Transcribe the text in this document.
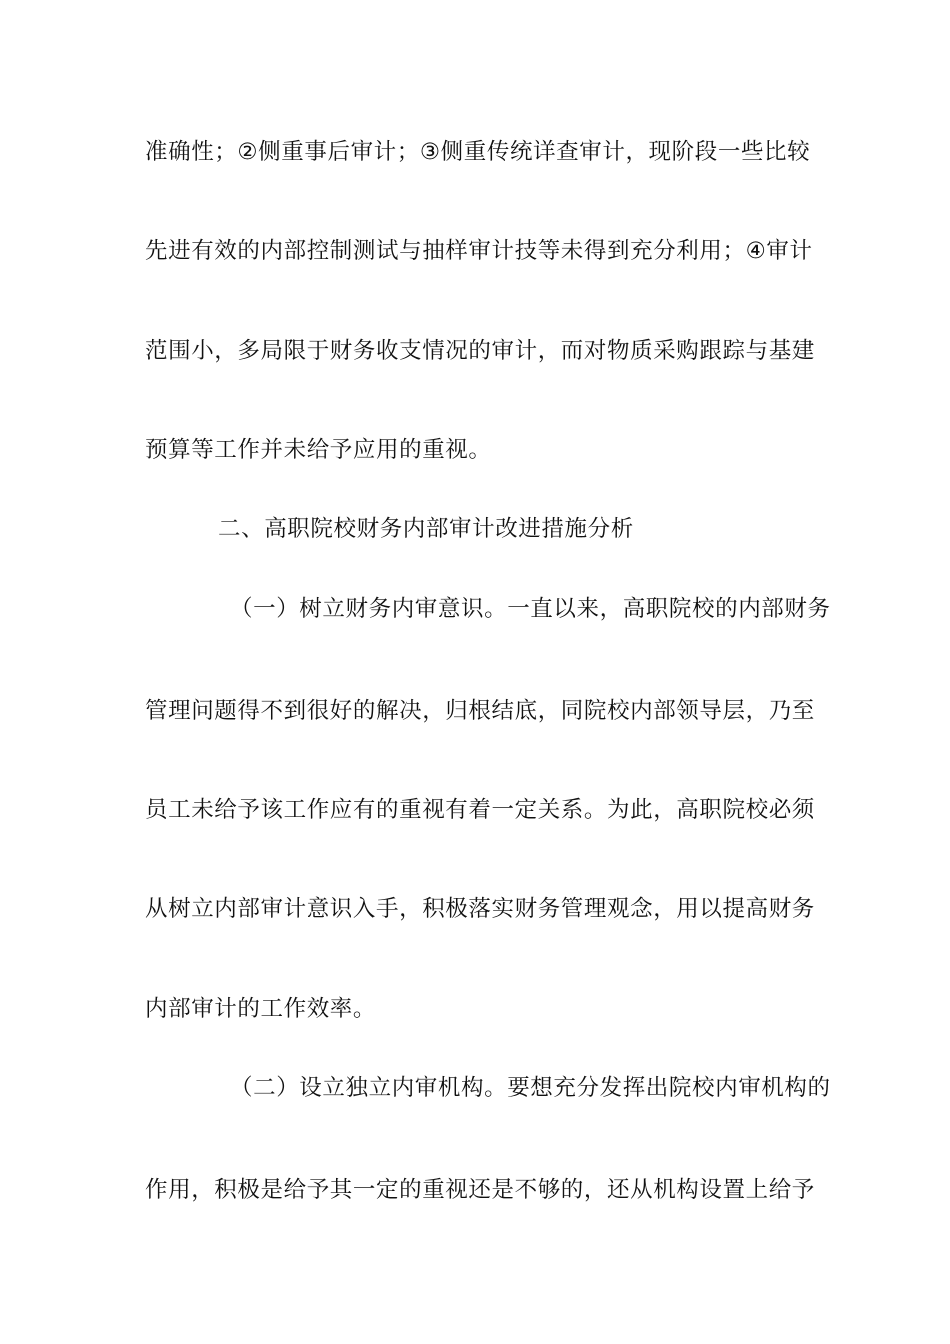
准确性；②侧重事后审计；③侧重传统详查审计，现阶段一些比较
先进有效的内部控制测试与抽样审计技等未得到充分利用；④审计
范围小，多局限于财务收支情况的审计，而对物质采购跟踪与基建
预算等工作并未给予应用的重视。
二、高职院校财务内部审计改进措施分析
（一）树立财务内审意识。一直以来，高职院校的内部财务
管理问题得不到很好的解决，归根结底，同院校内部领导层，乃至
员工未给予该工作应有的重视有着一定关系。为此，高职院校必须
从树立内部审计意识入手，积极落实财务管理观念，用以提高财务
内部审计的工作效率。
（二）设立独立内审机构。要想充分发挥出院校内审机构的
作用，积极是给予其一定的重视还是不够的，还从机构设置上给予
